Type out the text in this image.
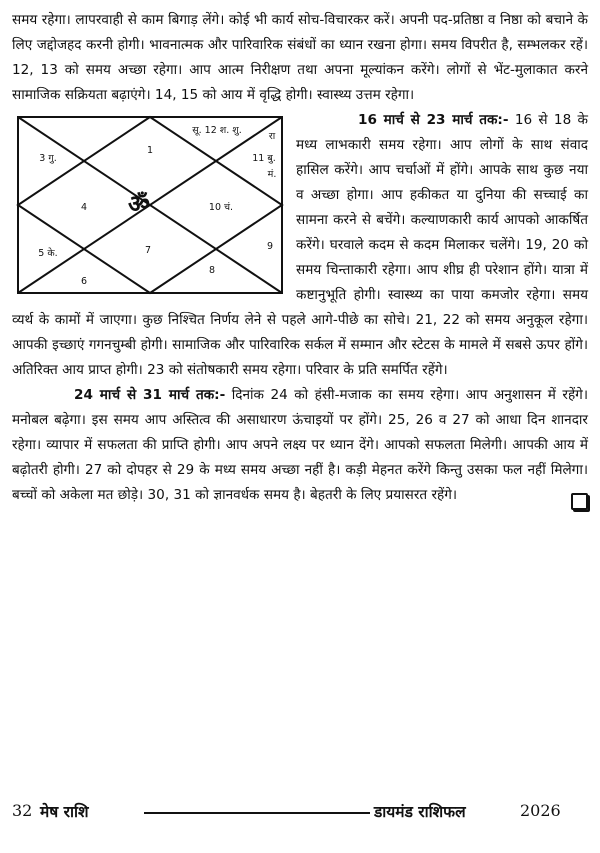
समय रहेगा। लापरवाही से काम बिगाड़ लेंगे। कोई भी कार्य सोच-विचारकर करें। अपनी पद-प्रतिष्ठा व निष्ठा को बचाने के लिए जद्दोजहद करनी होगी। भावनात्मक और पारिवारिक संबंधों का ध्यान रखना होगा। समय विपरीत है, सम्भलकर रहें। 12, 13 को समय अच्छा रहेगा। आप आत्म निरीक्षण तथा अपना मूल्यांकन करेंगे। लोगों से भेंट-मुलाकात करने सामाजिक सक्रियता बढ़ाएंगे। 14, 15 को आय में वृद्धि होगी। स्वास्थ्य उत्तम रहेगा।

16 मार्च से 23 मार्च तक:-
ॐ
1
सू. 12 श. शु.
3 गु.
4
5 के.
6
7
8
9
10 चं.
रा
11 बु.
मं.
16 से 18 के मध्य लाभकारी समय रहेगा। आप लोगों के साथ संवाद हासिल करेंगे। आप चर्चाओं में होंगे। आपके साथ कुछ नया व अच्छा होगा। आप हकीकत या दुनिया की सच्चाई का सामना करने से बचेंगे। कल्याणकारी कार्य आपको आकर्षित करेंगे। घरवाले कदम से कदम मिलाकर चलेंगे। 19, 20 को समय चिन्ताकारी रहेगा। आप शीघ्र ही परेशान होंगे। यात्रा में कष्टानुभूति होगी। स्वास्थ्य का पाया कमजोर रहेगा। समय व्यर्थ के कामों में जाएगा। कुछ निश्चित निर्णय लेने से पहले आगे-पीछे का सोचे। 21, 22 को समय अनुकूल रहेगा। आपकी इच्छाएं गगनचुम्बी होगी। सामाजिक और पारिवारिक सर्कल में सम्मान और स्टेटस के मामले में सबसे ऊपर होंगे। अतिरिक्त आय प्राप्त होगी। 23 को संतोषकारी समय रहेगा। परिवार के प्रति समर्पित रहेंगे।

24 मार्च से 31 मार्च तक:- दिनांक 24 को हंसी-मजाक का समय रहेगा। आप अनुशासन में रहेंगे। मनोबल बढ़ेगा। इस समय आप अस्तित्व की असाधारण ऊंचाइयों पर होंगे। 25, 26 व 27 को आधा दिन शानदार रहेगा। व्यापार में सफलता की प्राप्ति होगी। आप अपने लक्ष्य पर ध्यान देंगे। आपको सफलता मिलेगी। आपकी आय में बढ़ोतरी होगी। 27 को दोपहर से 29 के मध्य समय अच्छा नहीं है। कड़ी मेहनत करेंगे किन्तु उसका फल नहीं मिलेगा। बच्चों को अकेला मत छोड़े। 30, 31 को ज्ञानवर्धक समय है। बेहतरी के लिए प्रयासरत रहेंगे।

32 मेष राशि	डायमंड राशिफल	2026
